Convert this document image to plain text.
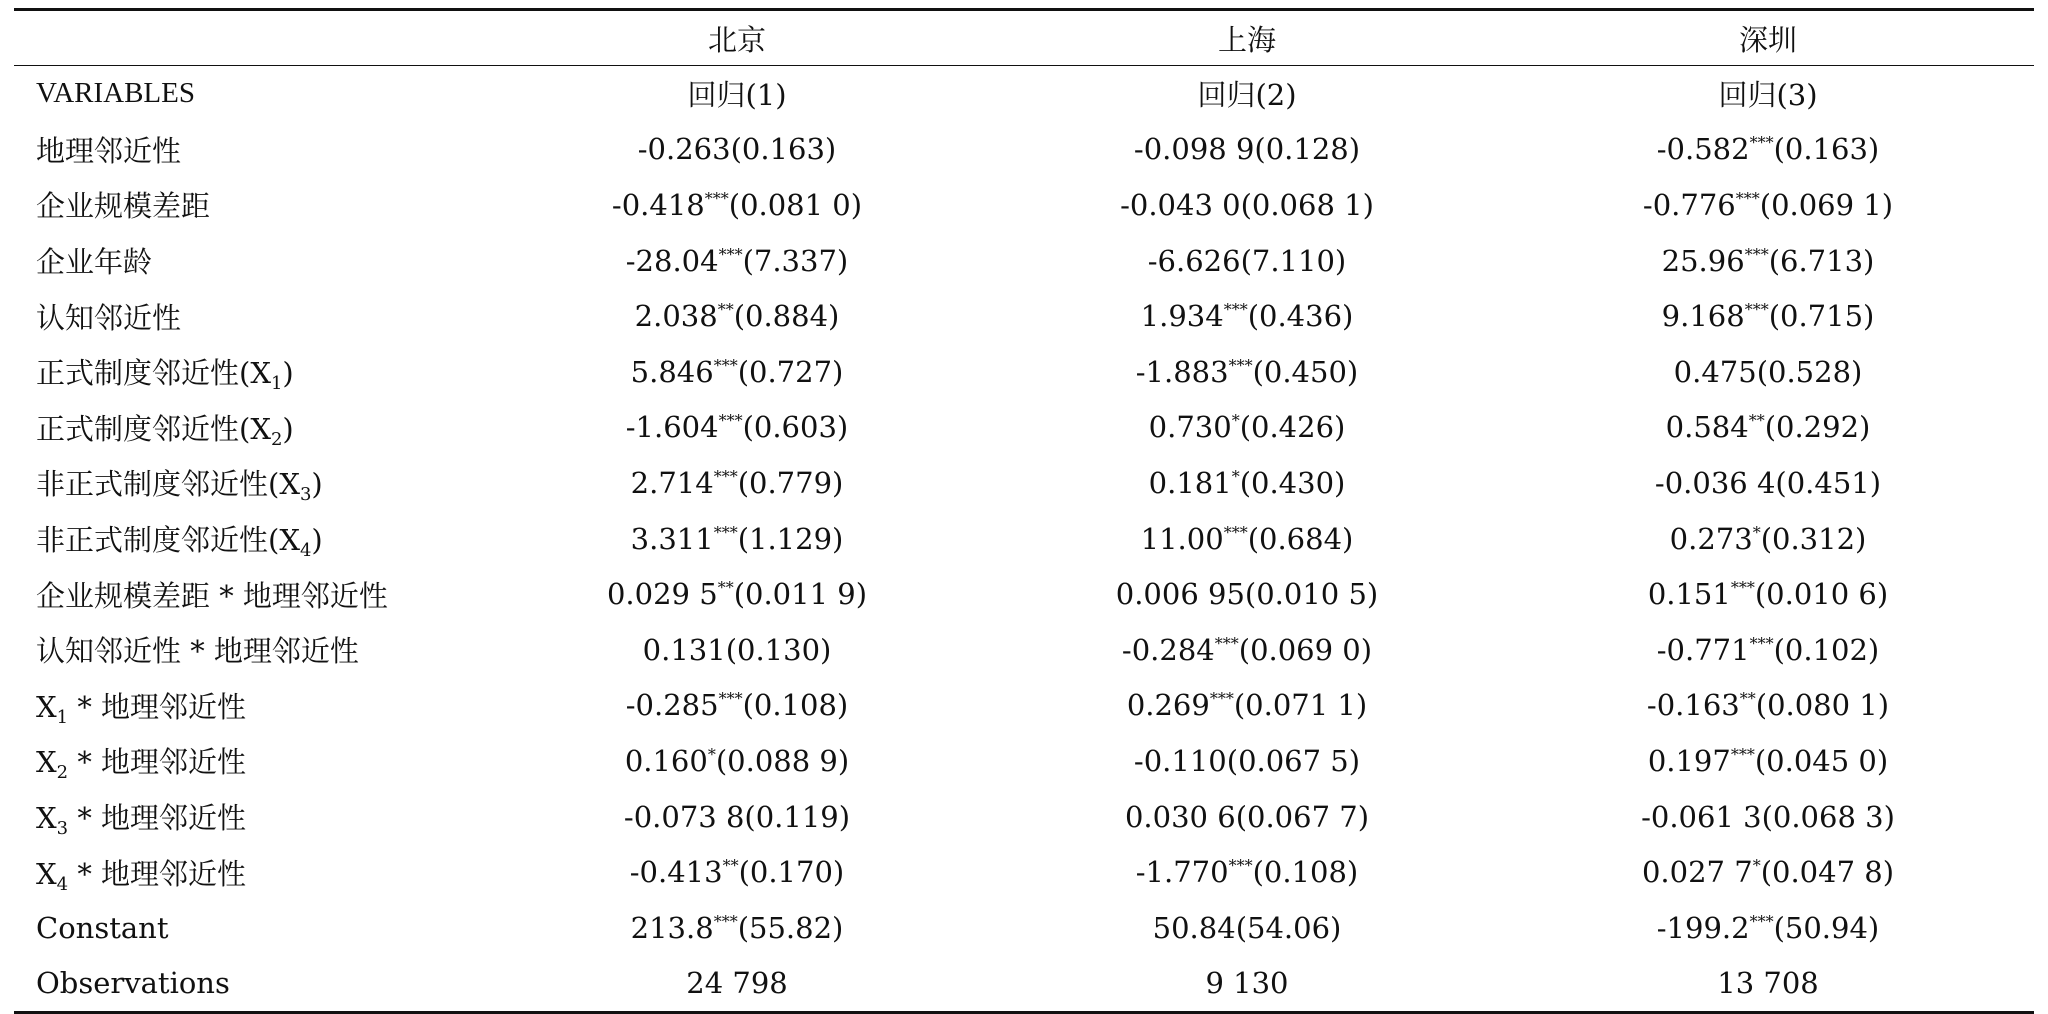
	北京	上海	深圳
VARIABLES	回归(1)	回归(2)	回归(3)
地理邻近性	-0.263(0.163)	-0.098 9(0.128)	-0.582***(0.163)
企业规模差距	-0.418***(0.081 0)	-0.043 0(0.068 1)	-0.776***(0.069 1)
企业年龄	-28.04***(7.337)	-6.626(7.110)	25.96***(6.713)
认知邻近性	2.038**(0.884)	1.934***(0.436)	9.168***(0.715)
正式制度邻近性$(X_1)$	5.846***(0.727)	-1.883***(0.450)	0.475(0.528)
正式制度邻近性$(X_2)$	-1.604***(0.603)	0.730*(0.426)	0.584**(0.292)
非正式制度邻近性$(X_3)$	2.714***(0.779)	0.181*(0.430)	-0.036 4(0.451)
非正式制度邻近性$(X_4)$	3.311***(1.129)	11.00***(0.684)	0.273*(0.312)
企业规模差距 * 地理邻近性	0.029 5**(0.011 9)	0.006 95(0.010 5)	0.151***(0.010 6)
认知邻近性 * 地理邻近性	0.131(0.130)	-0.284***(0.069 0)	-0.771***(0.102)
$X_1$ * 地理邻近性	-0.285***(0.108)	0.269***(0.071 1)	-0.163**(0.080 1)
$X_2$ * 地理邻近性	0.160*(0.088 9)	-0.110(0.067 5)	0.197***(0.045 0)
$X_3$ * 地理邻近性	-0.073 8(0.119)	0.030 6(0.067 7)	-0.061 3(0.068 3)
$X_4$ * 地理邻近性	-0.413**(0.170)	-1.770***(0.108)	0.027 7*(0.047 8)
Constant	213.8***(55.82)	50.84(54.06)	-199.2***(50.94)
Observations	24 798	9 130	13 708
